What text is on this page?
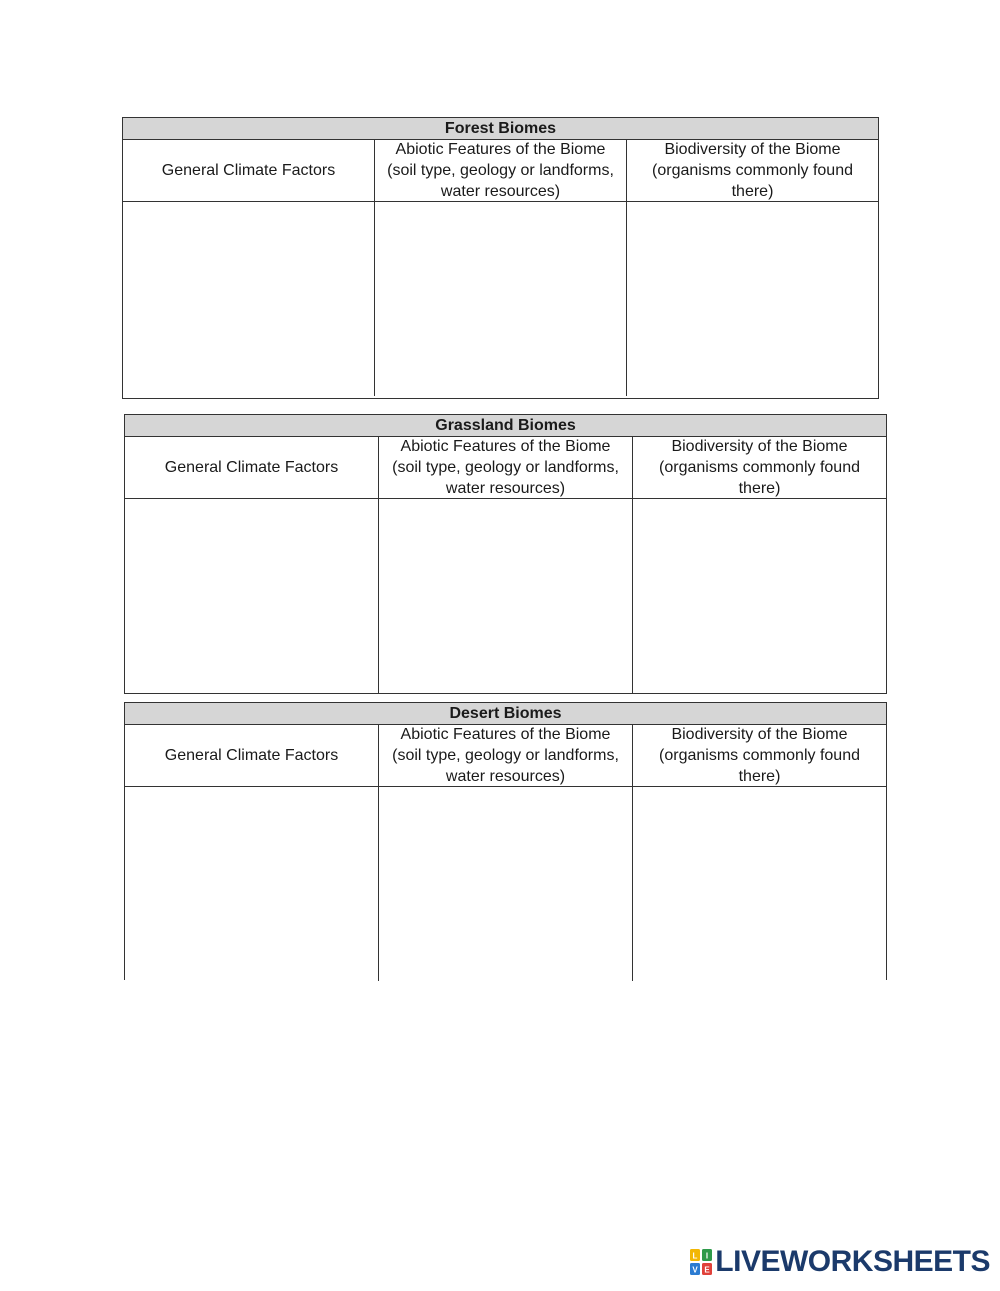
Forest Biomes
General Climate Factors
Abiotic Features of the Biome (soil type, geology or landforms, water resources)
Biodiversity of the Biome (organisms commonly found there)
Grassland Biomes
General Climate Factors
Abiotic Features of the Biome (soil type, geology or landforms, water resources)
Biodiversity of the Biome (organisms commonly found there)
Desert Biomes
General Climate Factors
Abiotic Features of the Biome (soil type, geology or landforms, water resources)
Biodiversity of the Biome (organisms commonly found there)
L I
V E LIVEWORKSHEETS
